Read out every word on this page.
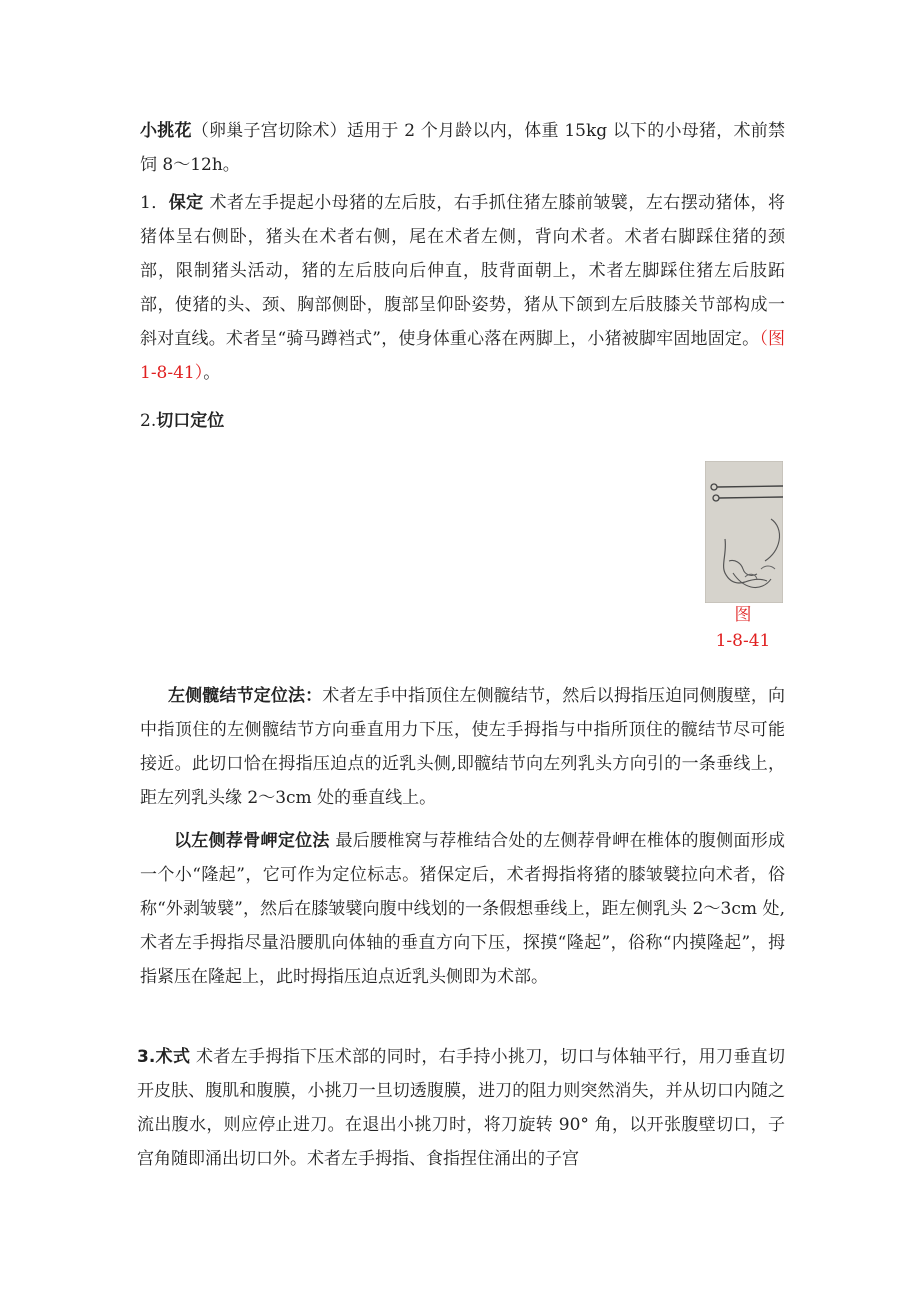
小挑花（卵巢子宫切除术）适用于 2 个月龄以内，体重 15kg 以下的小母猪，术前禁饲 8～12h。
1．保定 术者左手提起小母猪的左后肢，右手抓住猪左膝前皱襞，左右摆动猪体，将猪体呈右侧卧，猪头在术者右侧，尾在术者左侧，背向术者。术者右脚踩住猪的颈部，限制猪头活动，猪的左后肢向后伸直，肢背面朝上，术者左脚踩住猪左后肢跖部，使猪的头、颈、胸部侧卧，腹部呈仰卧姿势，猪从下颌到左后肢膝关节部构成一斜对直线。术者呈“骑马蹲裆式”，使身体重心落在两脚上，小猪被脚牢固地固定。（图 1-8-41）。
2.切口定位
图
1-8-41
左侧髋结节定位法：术者左手中指顶住左侧髋结节，然后以拇指压迫同侧腹壁，向中指顶住的左侧髋结节方向垂直用力下压，使左手拇指与中指所顶住的髋结节尽可能接近。此切口恰在拇指压迫点的近乳头侧,即髋结节向左列乳头方向引的一条垂线上，距左列乳头缘 2～3cm 处的垂直线上。
以左侧荐骨岬定位法 最后腰椎窝与荐椎结合处的左侧荐骨岬在椎体的腹侧面形成一个小“隆起”，它可作为定位标志。猪保定后，术者拇指将猪的膝皱襞拉向术者，俗称“外剥皱襞”，然后在膝皱襞向腹中线划的一条假想垂线上，距左侧乳头 2～3cm 处,术者左手拇指尽量沿腰肌向体轴的垂直方向下压，探摸“隆起”，俗称“内摸隆起”，拇指紧压在隆起上，此时拇指压迫点近乳头侧即为术部。
3.术式 术者左手拇指下压术部的同时，右手持小挑刀，切口与体轴平行，用刀垂直切开皮肤、腹肌和腹膜，小挑刀一旦切透腹膜，进刀的阻力则突然消失，并从切口内随之流出腹水，则应停止进刀。在退出小挑刀时，将刀旋转 90° 角，以开张腹壁切口，子宫角随即涌出切口外。术者左手拇指、食指捏住涌出的子宫
